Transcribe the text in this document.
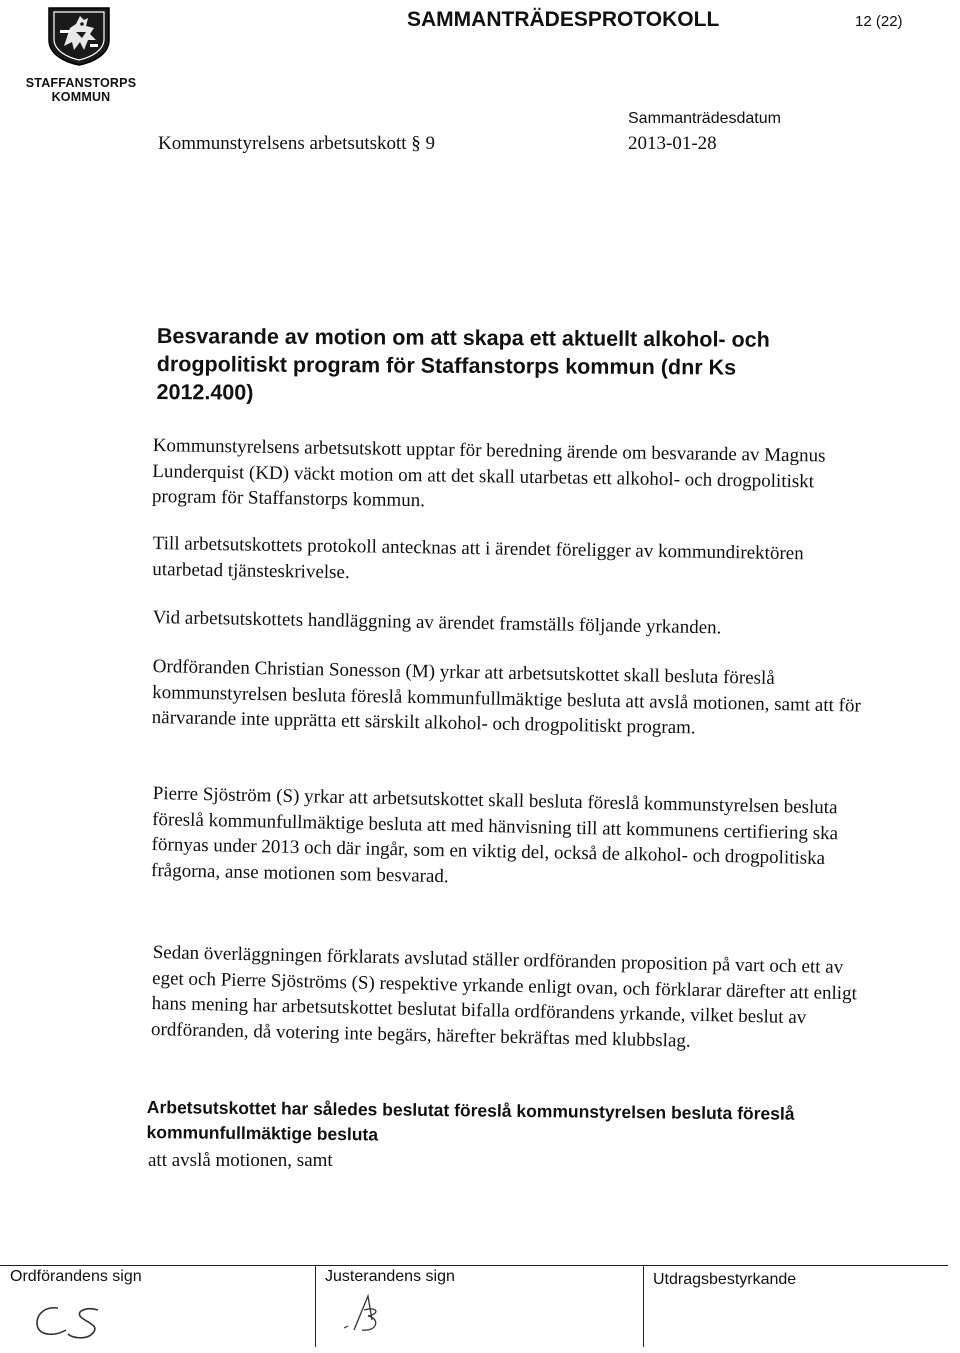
STAFFANSTORPS
KOMMUN
SAMMANTRÄDESPROTOKOLL	12 (22)
Kommunstyrelsens arbetsutskott § 9
Sammanträdesdatum
2013-01-28
Besvarande av motion om att skapa ett aktuellt alkohol- och drogpolitiskt program för Staffanstorps kommun (dnr Ks 2012.400)
Kommunstyrelsens arbetsutskott upptar för beredning ärende om besvarande av Magnus Lunderquist (KD) väckt motion om att det skall utarbetas ett alkohol- och drogpolitiskt program för Staffanstorps kommun.
Till arbetsutskottets protokoll antecknas att i ärendet föreligger av kommundirektören utarbetad tjänsteskrivelse.
Vid arbetsutskottets handläggning av ärendet framställs följande yrkanden.
Ordföranden Christian Sonesson (M) yrkar att arbetsutskottet skall besluta föreslå kommunstyrelsen besluta föreslå kommunfullmäktige besluta att avslå motionen, samt att för närvarande inte upprätta ett särskilt alkohol- och drogpolitiskt program.
Pierre Sjöström (S) yrkar att arbetsutskottet skall besluta föreslå kommunstyrelsen besluta föreslå kommunfullmäktige besluta att med hänvisning till att kommunens certifiering ska förnyas under 2013 och där ingår, som en viktig del, också de alkohol- och drogpolitiska frågorna, anse motionen som besvarad.
Sedan överläggningen förklarats avslutad ställer ordföranden proposition på vart och ett av eget och Pierre Sjöströms (S) respektive yrkande enligt ovan, och förklarar därefter att enligt hans mening har arbetsutskottet beslutat bifalla ordförandens yrkande, vilket beslut av ordföranden, då votering inte begärs, härefter bekräftas med klubbslag.
Arbetsutskottet har således beslutat föreslå kommunstyrelsen besluta föreslå kommunfullmäktige besluta
att avslå motionen, samt
Ordförandens sign	Justerandens sign	Utdragsbestyrkande
